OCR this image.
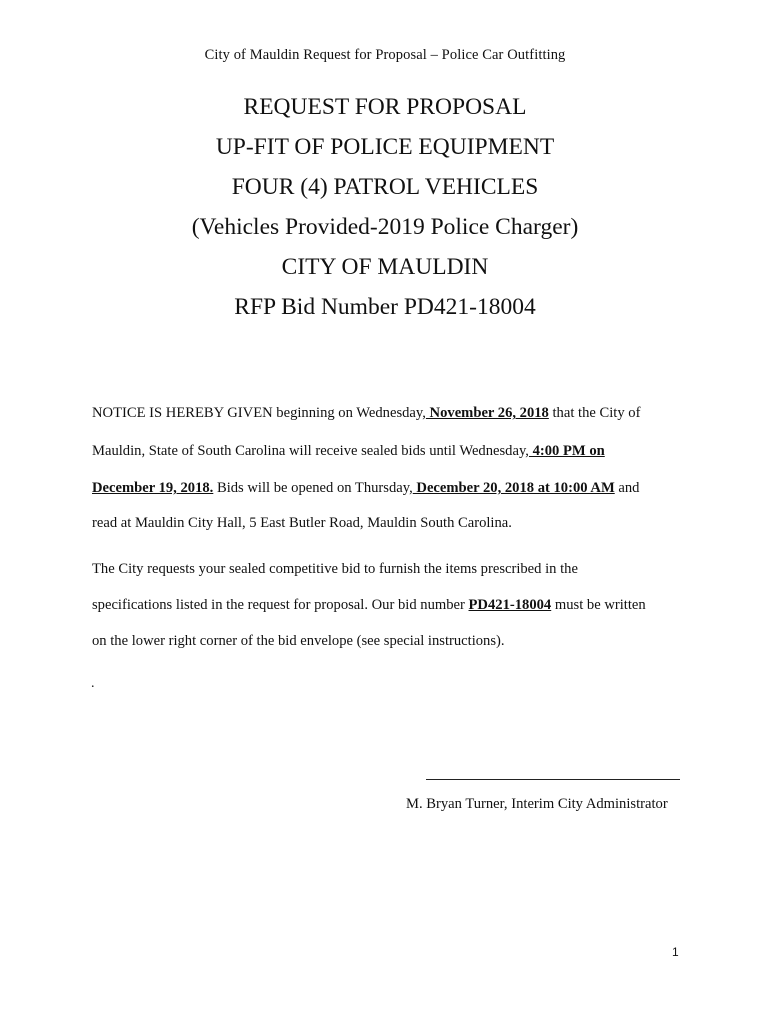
City of Mauldin Request for Proposal – Police Car Outfitting
REQUEST FOR PROPOSAL
UP-FIT OF POLICE EQUIPMENT
FOUR (4) PATROL VEHICLES
(Vehicles Provided-2019 Police Charger)
CITY OF MAULDIN
RFP Bid Number PD421-18004
NOTICE IS HEREBY GIVEN beginning on Wednesday, November 26, 2018 that the City of
Mauldin, State of South Carolina will receive sealed bids until Wednesday, 4:00 PM on
December 19, 2018. Bids will be opened on Thursday, December 20, 2018 at 10:00 AM and
read at Mauldin City Hall, 5 East Butler Road, Mauldin South Carolina.
The City requests your sealed competitive bid to furnish the items prescribed in the
specifications listed in the request for proposal. Our bid number PD421-18004 must be written
on the lower right corner of the bid envelope (see special instructions).
.
M. Bryan Turner, Interim City Administrator
1
